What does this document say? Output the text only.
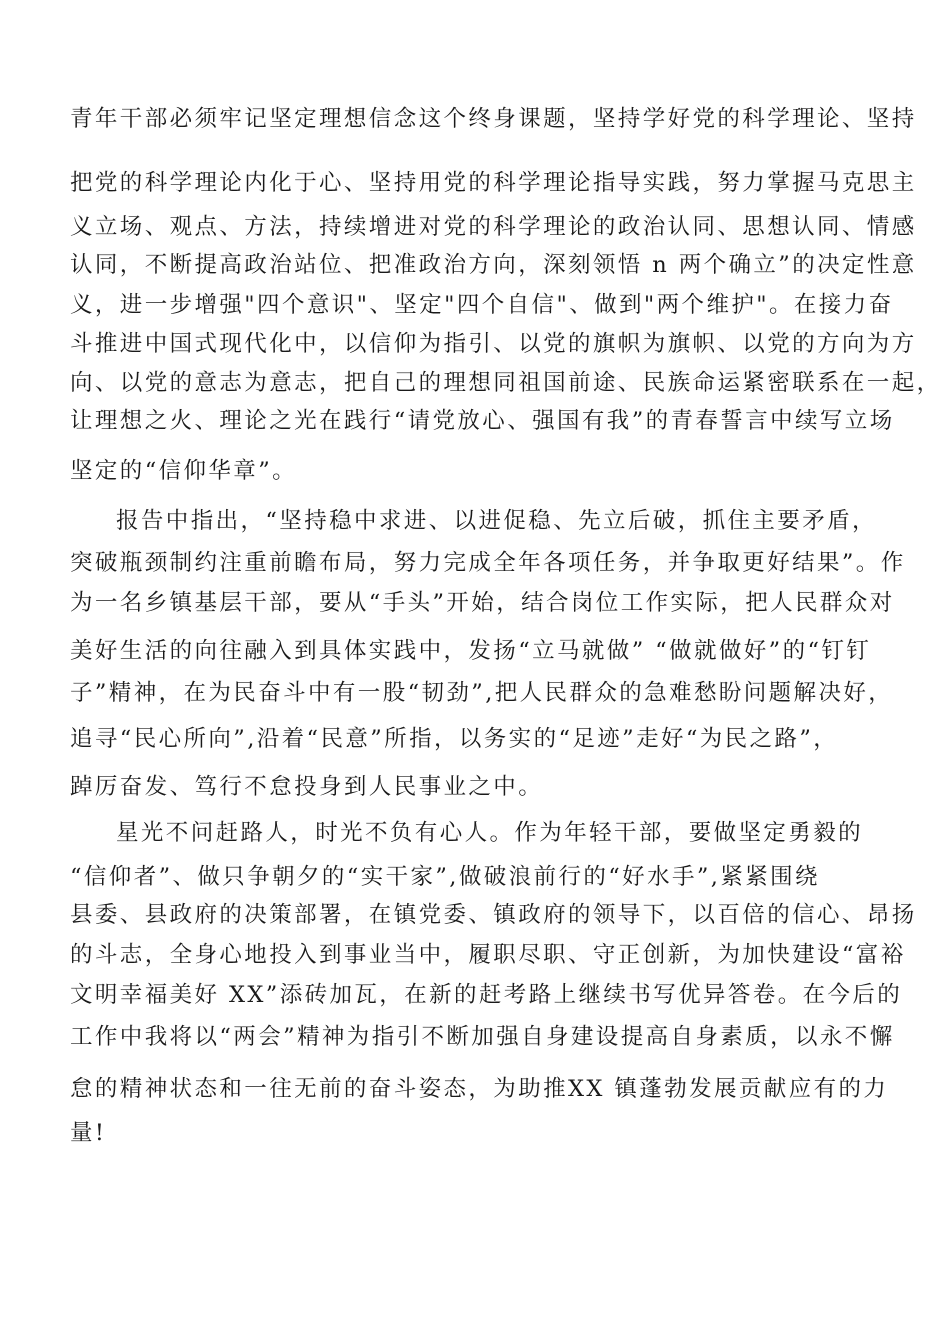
青年干部必须牢记坚定理想信念这个终身课题，坚持学好党的科学理论、坚持
把党的科学理论内化于心、坚持用党的科学理论指导实践，努力掌握马克思主
义立场、观点、方法，持续增进对党的科学理论的政治认同、思想认同、情感
认同，不断提高政治站位、把准政治方向，深刻领悟 n 两个确立”的决定性意
义，进一步增强"四个意识"、坚定"四个自信"、做到"两个维护"。在接力奋
斗推进中国式现代化中，以信仰为指引、以党的旗帜为旗帜、以党的方向为方
向、以党的意志为意志，把自己的理想同祖国前途、民族命运紧密联系在一起，
让理想之火、理论之光在践行“请党放心、强国有我”的青春誓言中续写立场
坚定的“信仰华章”。
报告中指出，“坚持稳中求进、以进促稳、先立后破，抓住主要矛盾，
突破瓶颈制约注重前瞻布局，努力完成全年各项任务，并争取更好结果”。作
为一名乡镇基层干部，要从“手头”开始，结合岗位工作实际，把人民群众对
美好生活的向往融入到具体实践中，发扬“立马就做” “做就做好”的“钉钉
子”精神，在为民奋斗中有一股“韧劲”,把人民群众的急难愁盼问题解决好，
追寻“民心所向”,沿着“民意”所指，以务实的“足迹”走好“为民之路”，
踔厉奋发、笃行不怠投身到人民事业之中。
星光不问赶路人，时光不负有心人。作为年轻干部，要做坚定勇毅的
“信仰者”、做只争朝夕的“实干家”,做破浪前行的“好水手”,紧紧围绕
县委、县政府的决策部署，在镇党委、镇政府的领导下，以百倍的信心、昂扬
的斗志，全身心地投入到事业当中，履职尽职、守正创新，为加快建设“富裕
文明幸福美好 XX”添砖加瓦，在新的赶考路上继续书写优异答卷。在今后的
工作中我将以“两会”精神为指引不断加强自身建设提高自身素质，以永不懈
怠的精神状态和一往无前的奋斗姿态，为助推XX 镇蓬勃发展贡献应有的力
量!
